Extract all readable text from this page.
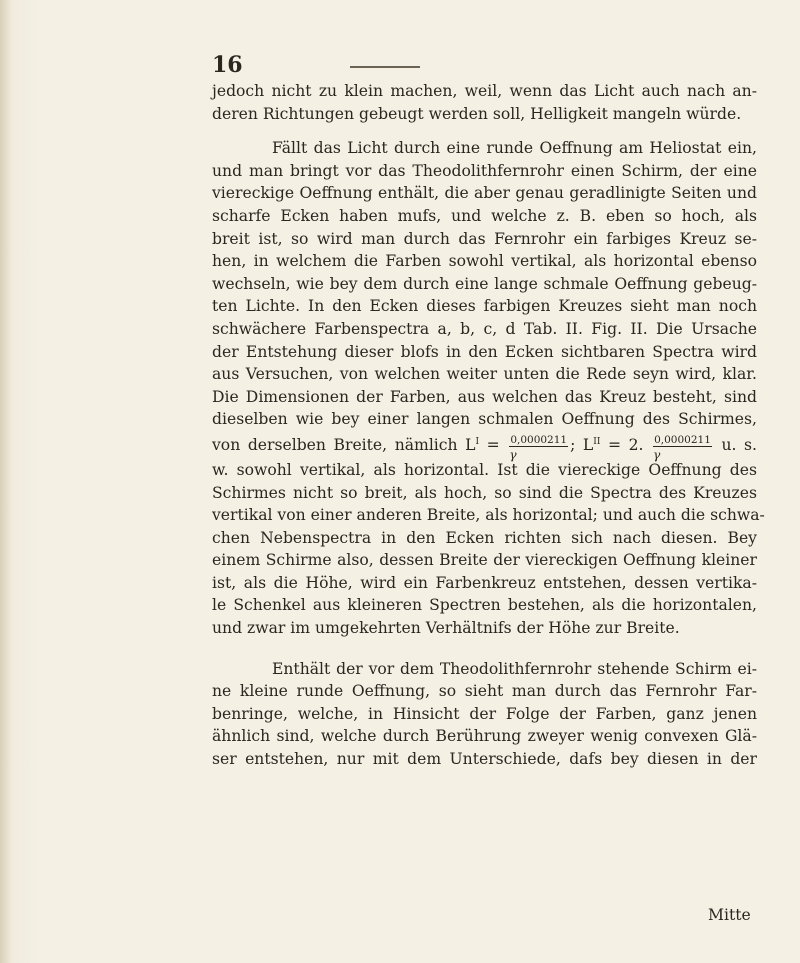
16

jedoch nicht zu klein machen, weil, wenn das Licht auch nach an-
deren Richtungen gebeugt werden soll, Helligkeit mangeln würde.

Fällt das Licht durch eine runde Oeffnung am Heliostat ein,
und man bringt vor das Theodolithfernrohr einen Schirm, der eine
viereckige Oeffnung enthält, die aber genau geradlinigte Seiten und
scharfe Ecken haben mufs, und welche z. B. eben so hoch, als
breit ist, so wird man durch das Fernrohr ein farbiges Kreuz se-
hen, in welchem die Farben sowohl vertikal, als horizontal ebenso
wechseln, wie bey dem durch eine lange schmale Oeffnung gebeug-
ten Lichte. In den Ecken dieses farbigen Kreuzes sieht man noch
schwächere Farbenspectra a, b, c, d Tab. II. Fig. II. Die Ursache
der Entstehung dieser blofs in den Ecken sichtbaren Spectra wird
aus Versuchen, von welchen weiter unten die Rede seyn wird, klar.
Die Dimensionen der Farben, aus welchen das Kreuz besteht, sind
dieselben wie bey einer langen schmalen Oeffnung des Schirmes,
von derselben Breite, nämlich $L^I = \frac{0,0000211}{\gamma}$ ; $L^{II} = 2$. $\frac{0,0000211}{\gamma} u$. s.
w. sowohl vertikal, als horizontal. Ist die viereckige Oeffnung des
Schirmes nicht so breit, als hoch, so sind die Spectra des Kreuzes
vertikal von einer anderen Breite, als horizontal; und auch die schwa-
chen Nebenspectra in den Ecken richten sich nach diesen. Bey
einem Schirme also, dessen Breite der viereckigen Oeffnung kleiner
ist, als die Höhe, wird ein Farbenkreuz entstehen, dessen vertika-
le Schenkel aus kleineren Spectren bestehen, als die horizontalen,
und zwar im umgekehrten Verhältnifs der Höhe zur Breite.

Enthält der vor dem Theodolithfernrohr stehende Schirm ei-
ne kleine runde Oeffnung, so sieht man durch das Fernrohr Far-
benringe, welche, in Hinsicht der Folge der Farben, ganz jenen
ähnlich sind, welche durch Berührung zweyer wenig convexen Glä-
ser entstehen, nur mit dem Unterschiede, dafs bey diesen in der

Mitte
